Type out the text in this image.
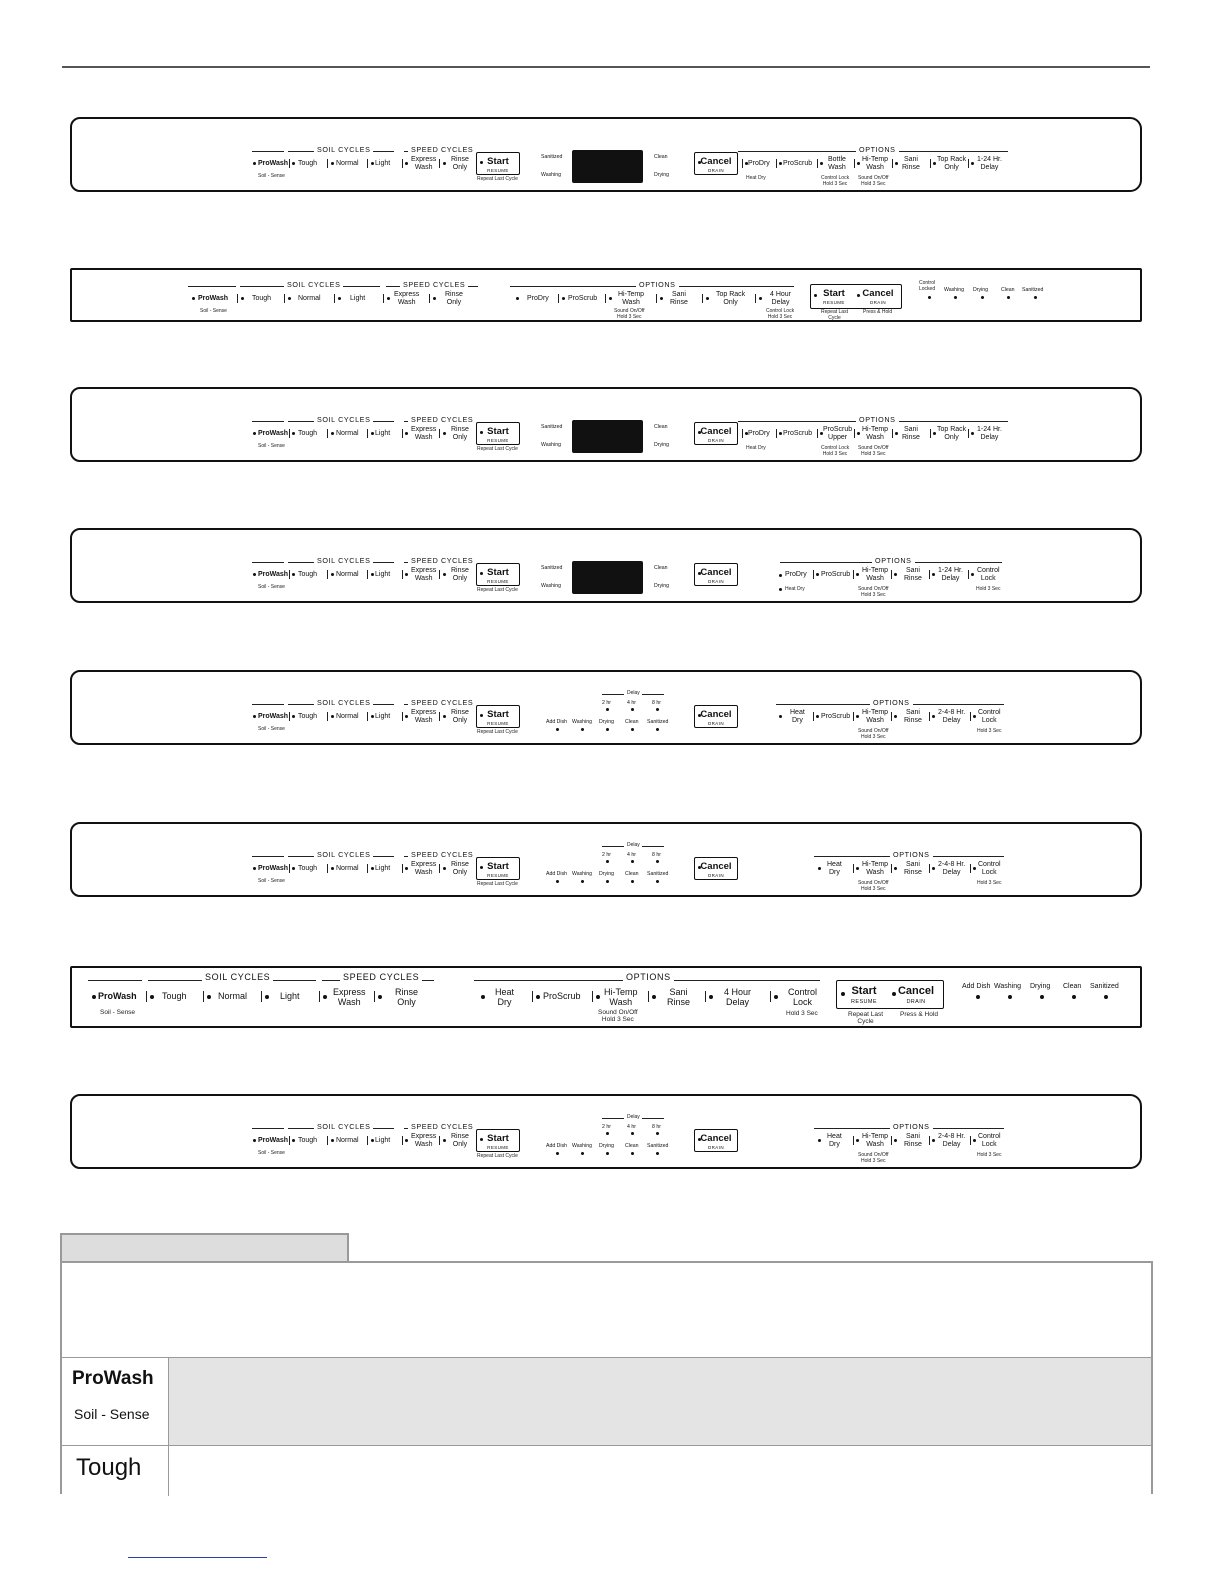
SOIL CYCLES	SPEED CYCLES
ProWash
Soil - Sense
Tough	Normal Light
Express
Wash
Rinse
Only	Start
RESUME
Repeat Last Cycle
Sanitized
Washing
Clean
Drying
Cancel
DRAIN
OPTIONS
ProDry
Heat Dry
ProScrub
Bottle
Wash
Control Lock
Hold 3 Sec
Hi-Temp
Wash
Sound On/Off
Hold 3 Sec
Sani
Rinse
Top Rack
Only
1-24 Hr.
Delay
SOIL CYCLES	SPEED CYCLES
ProWash
Soil - Sense
Tough	Normal	Light
Express
Wash
Rinse
Only
OPTIONS
ProDry	ProScrub
Hi-Temp
Wash
Sound On/Off
Hold 3 Sec
Sani
Rinse
Top Rack
Only
4 Hour
Delay
Control Lock
Hold 3 Sec
Start
RESUME
Cancel
DRAIN
Repeat Last
Cycle
Press & Hold
Control
Locked Washing Drying	Clean Sanitized
SOIL CYCLES	SPEED CYCLES
ProWash
Soil - Sense
Tough	Normal Light
Express
Wash
Rinse
Only	Start
RESUME
Repeat Last Cycle
Sanitized
Washing
Clean
Drying
Cancel
DRAIN
OPTIONS
ProDry
Heat Dry
ProScrub
ProScrub
Upper
Control Lock
Hold 3 Sec
Hi-Temp
Wash
Sound On/Off
Hold 3 Sec
Sani
Rinse
Top Rack
Only
1-24 Hr.
Delay
SOIL CYCLES	SPEED CYCLES
ProWash
Soil - Sense
Tough	Normal Light
Express
Wash
Rinse
Only	Start
RESUME
Repeat Last Cycle
Sanitized
Washing
Clean
Drying
Cancel
DRAIN
OPTIONS
ProDry
Heat Dry
ProScrub
Hi-Temp
Wash
Sound On/Off
Hold 3 Sec
Sani
Rinse
1-24 Hr.
Delay
Control
Lock
Hold 3 Sec
SOIL CYCLES	SPEED CYCLES
ProWash
Soil - Sense
Tough	Normal Light
Express
Wash
Rinse
Only	Start
RESUME
Repeat Last Cycle
Delay
2 hr	4 hr	8 hr
Add Dish Washing Drying Clean Sanitized
Cancel
DRAIN
OPTIONS
Heat
Dry	ProScrub
Hi-Temp
Wash
Sound On/Off
Hold 3 Sec
Sani
Rinse
2-4-8 Hr.
Delay
Control
Lock
Hold 3 Sec
SOIL CYCLES	SPEED CYCLES
ProWash
Soil - Sense
Tough	Normal Light
Express
Wash
Rinse
Only	Start
RESUME
Repeat Last Cycle
Delay
2 hr	4 hr	8 hr
Add Dish Washing Drying Clean Sanitized
Cancel
DRAIN
OPTIONS
Heat
Dry
Hi-Temp
Wash
Sound On/Off
Hold 3 Sec
Sani
Rinse
2-4-8 Hr.
Delay
Control
Lock
Hold 3 Sec
SOIL CYCLES	SPEED CYCLES
ProWash
Soil - Sense
Tough	Normal	Light	Express
Wash
Rinse
Only
OPTIONS
Heat
Dry
ProScrub	Hi-Temp
Wash
Sound On/Off
Hold 3 Sec
Sani
Rinse
4 Hour
Delay
Control
Lock
Hold 3 Sec
Start
RESUME
Cancel
DRAIN
Repeat Last
Cycle
Press & Hold
Add Dish Washing Drying Clean Sanitized
SOIL CYCLES	SPEED CYCLES
ProWash
Soil - Sense
Tough	Normal Light
Express
Wash
Rinse
Only	Start
RESUME
Repeat Last Cycle
Delay
2 hr	4 hr	8 hr
Add Dish Washing Drying Clean Sanitized
Cancel
DRAIN
OPTIONS
Heat
Dry
Hi-Temp
Wash
Sound On/Off
Hold 3 Sec
Sani
Rinse
2-4-8 Hr.
Delay
Control
Lock
Hold 3 Sec
ProWash
Soil - Sense
Tough
